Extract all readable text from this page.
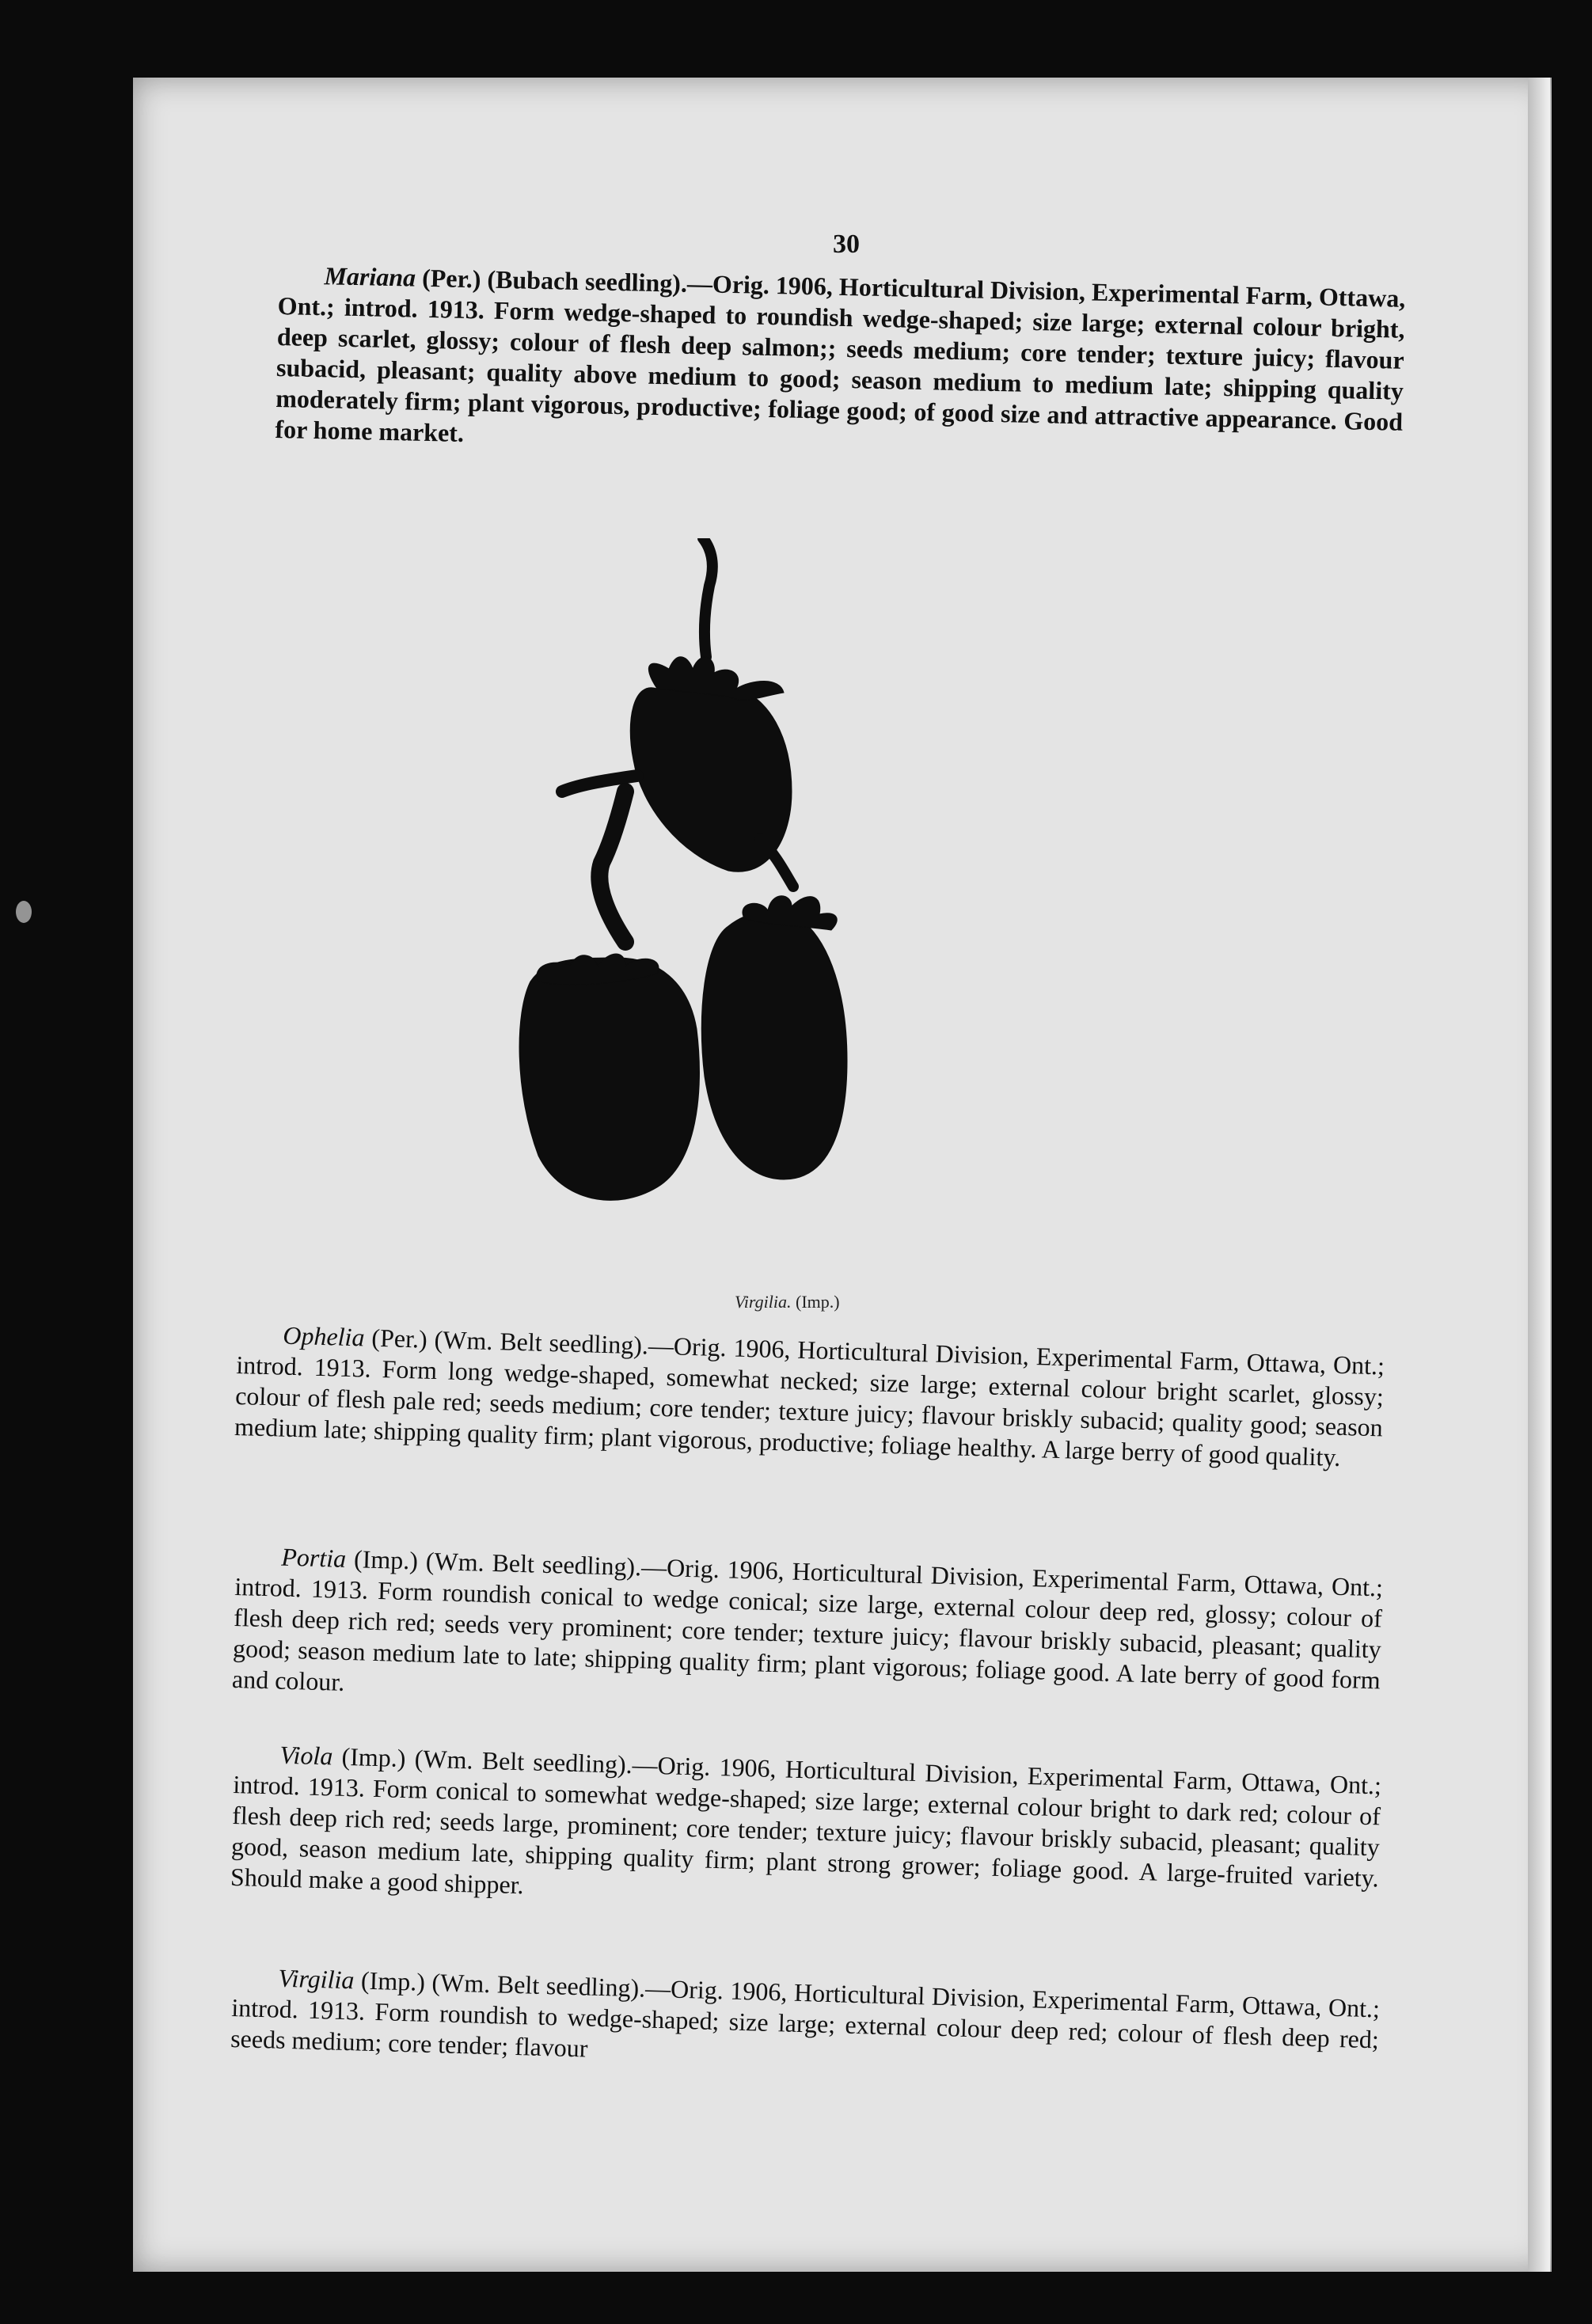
30

Mariana (Per.) (Bubach seedling).—Orig. 1906, Horticultural Division, Experimental Farm, Ottawa, Ont.; introd. 1913. Form wedge-shaped to roundish wedge-shaped; size large; external colour bright, deep scarlet, glossy; colour of flesh deep salmon;; seeds medium; core tender; texture juicy; flavour subacid, pleasant; quality above medium to good; season medium to medium late; shipping quality moderately firm; plant vigorous, productive; foliage good; of good size and attractive appearance. Good for home market.

Virgilia. (Imp.)

Ophelia (Per.) (Wm. Belt seedling).—Orig. 1906, Horticultural Division, Experimental Farm, Ottawa, Ont.; introd. 1913. Form long wedge-shaped, somewhat necked; size large; external colour bright scarlet, glossy; colour of flesh pale red; seeds medium; core tender; texture juicy; flavour briskly subacid; quality good; season medium late; shipping quality firm; plant vigorous, productive; foliage healthy. A large berry of good quality.

Portia (Imp.) (Wm. Belt seedling).—Orig. 1906, Horticultural Division, Experimental Farm, Ottawa, Ont.; introd. 1913. Form roundish conical to wedge conical; size large, external colour deep red, glossy; colour of flesh deep rich red; seeds very prominent; core tender; texture juicy; flavour briskly subacid, pleasant; quality good; season medium late to late; shipping quality firm; plant vigorous; foliage good. A late berry of good form and colour.

Viola (Imp.) (Wm. Belt seedling).—Orig. 1906, Horticultural Division, Experimental Farm, Ottawa, Ont.; introd. 1913. Form conical to somewhat wedge-shaped; size large; external colour bright to dark red; colour of flesh deep rich red; seeds large, prominent; core tender; texture juicy; flavour briskly subacid, pleasant; quality good, season medium late, shipping quality firm; plant strong grower; foliage good. A large-fruited variety. Should make a good shipper.

Virgilia (Imp.) (Wm. Belt seedling).—Orig. 1906, Horticultural Division, Experimental Farm, Ottawa, Ont.; introd. 1913. Form roundish to wedge-shaped; size large; external colour deep red; colour of flesh deep red; seeds medium; core tender; flavour
